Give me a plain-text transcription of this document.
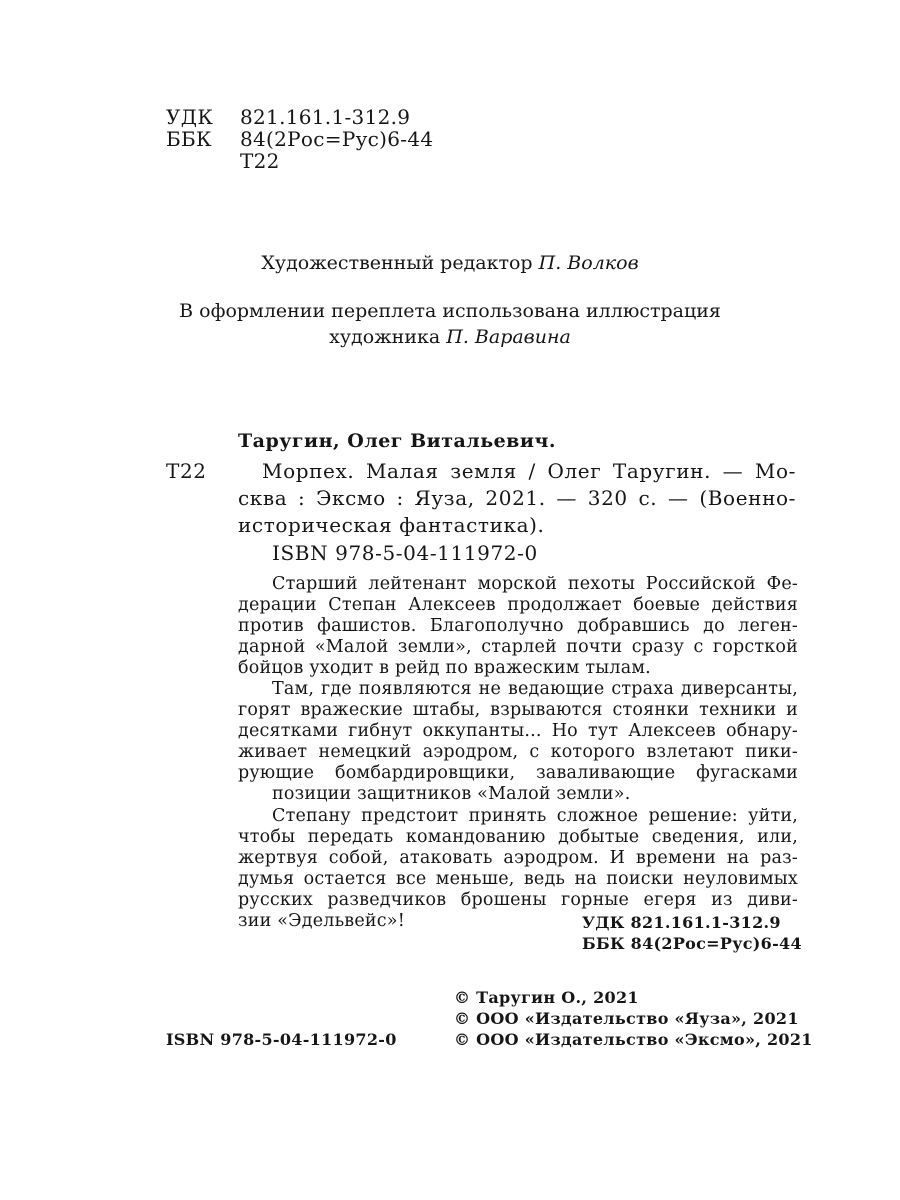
УДК 821.161.1-312.9
ББК 84(2Рос=Рус)6-44
Т22
Художественный редактор П. Волков
В оформлении переплета использована иллюстрация
художника П. Варавина
Таругин, Олег Витальевич.
Т22	Морпех. Малая земля / Олег Таругин. — Мо-
сква : Эксмо : Яуза, 2021. — 320 с. — (Военно-
историческая фантастика).
ISBN 978-5-04-111972-0
Старший лейтенант морской пехоты Российской Фе-
дерации Степан Алексеев продолжает боевые действия
против фашистов. Благополучно добравшись до леген-
дарной «Малой земли», старлей почти сразу с горсткой
бойцов уходит в рейд по вражеским тылам.
Там, где появляются не ведающие страха диверсанты,
горят вражеские штабы, взрываются стоянки техники и
десятками гибнут оккупанты... Но тут Алексеев обнару-
живает немецкий аэродром, с которого взлетают пики-
рующие бомбардировщики, заваливающие фугасками
позиции защитников «Малой земли».
Степану предстоит принять сложное решение: уйти,
чтобы передать командованию добытые сведения, или,
жертвуя собой, атаковать аэродром. И времени на раз-
думья остается все меньше, ведь на поиски неуловимых
русских разведчиков брошены горные егеря из диви-
зии «Эдельвейс»!	УДК 821.161.1-312.9
ББК 84(2Рос=Рус)6-44
© Таругин О., 2021
© ООО «Издательство «Яуза», 2021
© ООО «Издательство «Эксмо», 2021
ISBN 978-5-04-111972-0
